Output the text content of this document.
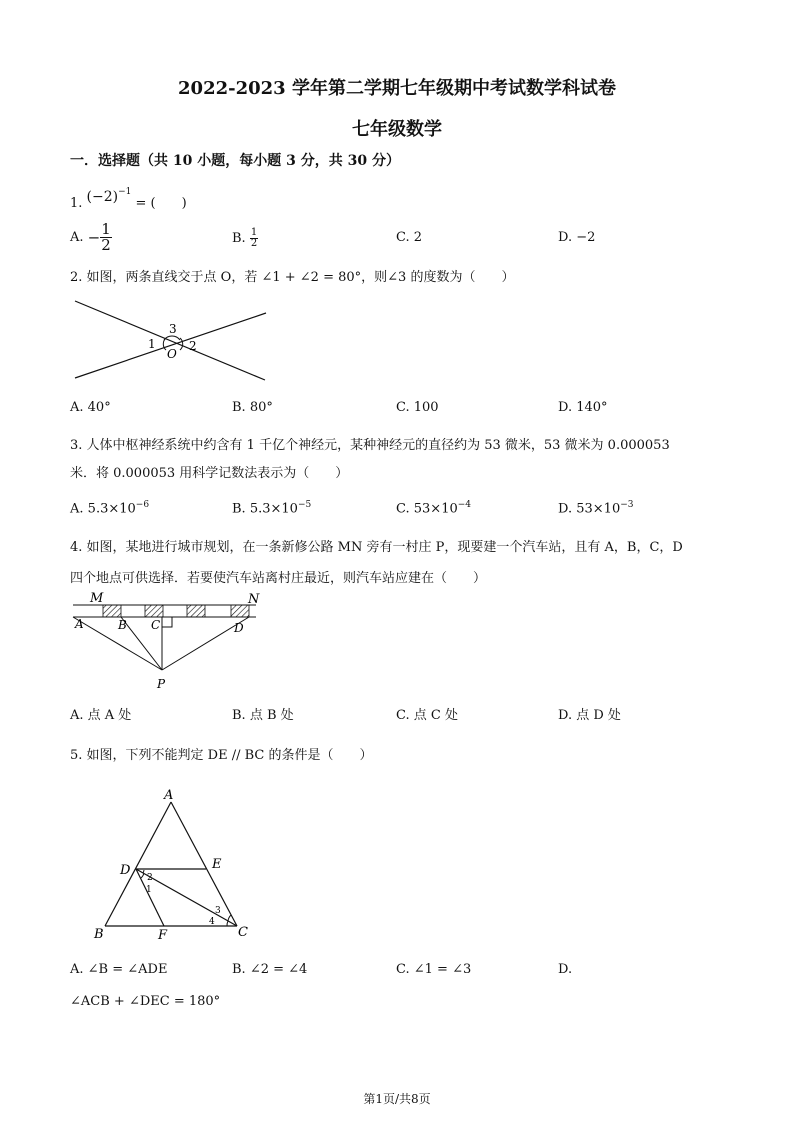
2022-2023 学年第二学期七年级期中考试数学科试卷
七年级数学
一．选择题（共 10 小题，每小题 3 分，共 30 分）
1. $(-2)^{-1}$ = (　　)
A. − $\frac{1}{2}$	B. $\frac{1}{2}$	C. 2	D. −2
2. 如图，两条直线交于点 O，若 ∠1 + ∠2 = 80°，则∠3 的度数为（　　）
3
1	2
O
A. 40°	B. 80°	C. 100	D. 140°
3. 人体中枢神经系统中约含有 1 千亿个神经元，某种神经元的直径约为 53 微米，53 微米为 0.000053
米．将 0.000053 用科学记数法表示为（　　）
A. $5.3\times 10^{-6}$	B. $5.3\times 10^{-5}$	C. $53\times 10^{-4}$	D. $53\times 10^{-3}$
4. 如图，某地进行城市规划，在一条新修公路 MN 旁有一村庄 P，现要建一个汽车站，且有 A，B，C，D
四个地点可供选择．若要使汽车站离村庄最近，则汽车站应建在（　　）
M	N
A	B C	D
P
A. 点 A 处	B. 点 B 处	C. 点 C 处	D. 点 D 处
5. 如图，下列不能判定 DE // BC 的条件是（　　）
A
D	E
B	F	C
2
1
3
4
A. ∠B = ∠ADE	B. ∠2 = ∠4	C. ∠1 = ∠3	D.
∠ACB + ∠DEC = 180°
第1页/共8页
